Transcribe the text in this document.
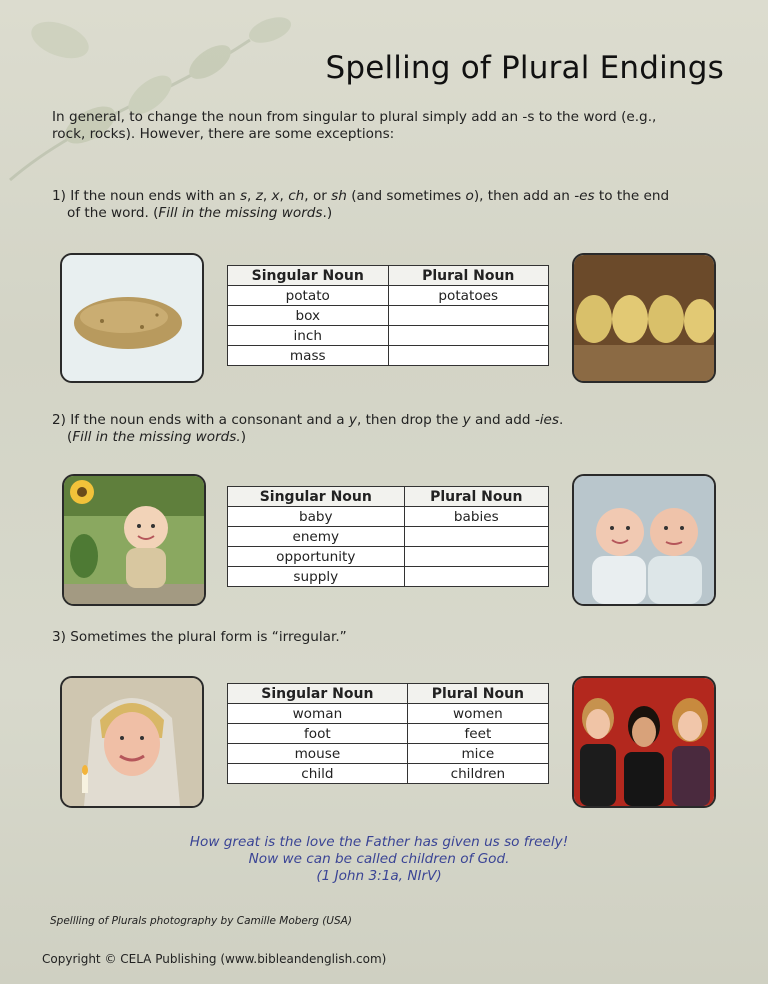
Spelling of Plural Endings
In general, to change the noun from singular to plural simply add an -s to the word (e.g., rock, rocks). However, there are some exceptions:
1) If the noun ends with an s, z, x, ch, or sh (and sometimes o), then add an -es to the end
of the word. (Fill in the missing words.)
Singular Noun	Plural Noun
potato	potatoes
box	
inch	
mass	
2) If the noun ends with a consonant and a y, then drop the y and add -ies.
(Fill in the missing words.)
Singular Noun	Plural Noun
baby	babies
enemy	
opportunity	
supply	
3) Sometimes the plural form is “irregular.”
Singular Noun	Plural Noun
woman	women
foot	feet
mouse	mice
child	children
How great is the love the Father has given us so freely!
Now we can be called children of God.
(1 John 3:1a, NIrV)
Spellling of Plurals photography by Camille Moberg (USA)
Copyright © CELA Publishing (www.bibleandenglish.com)
